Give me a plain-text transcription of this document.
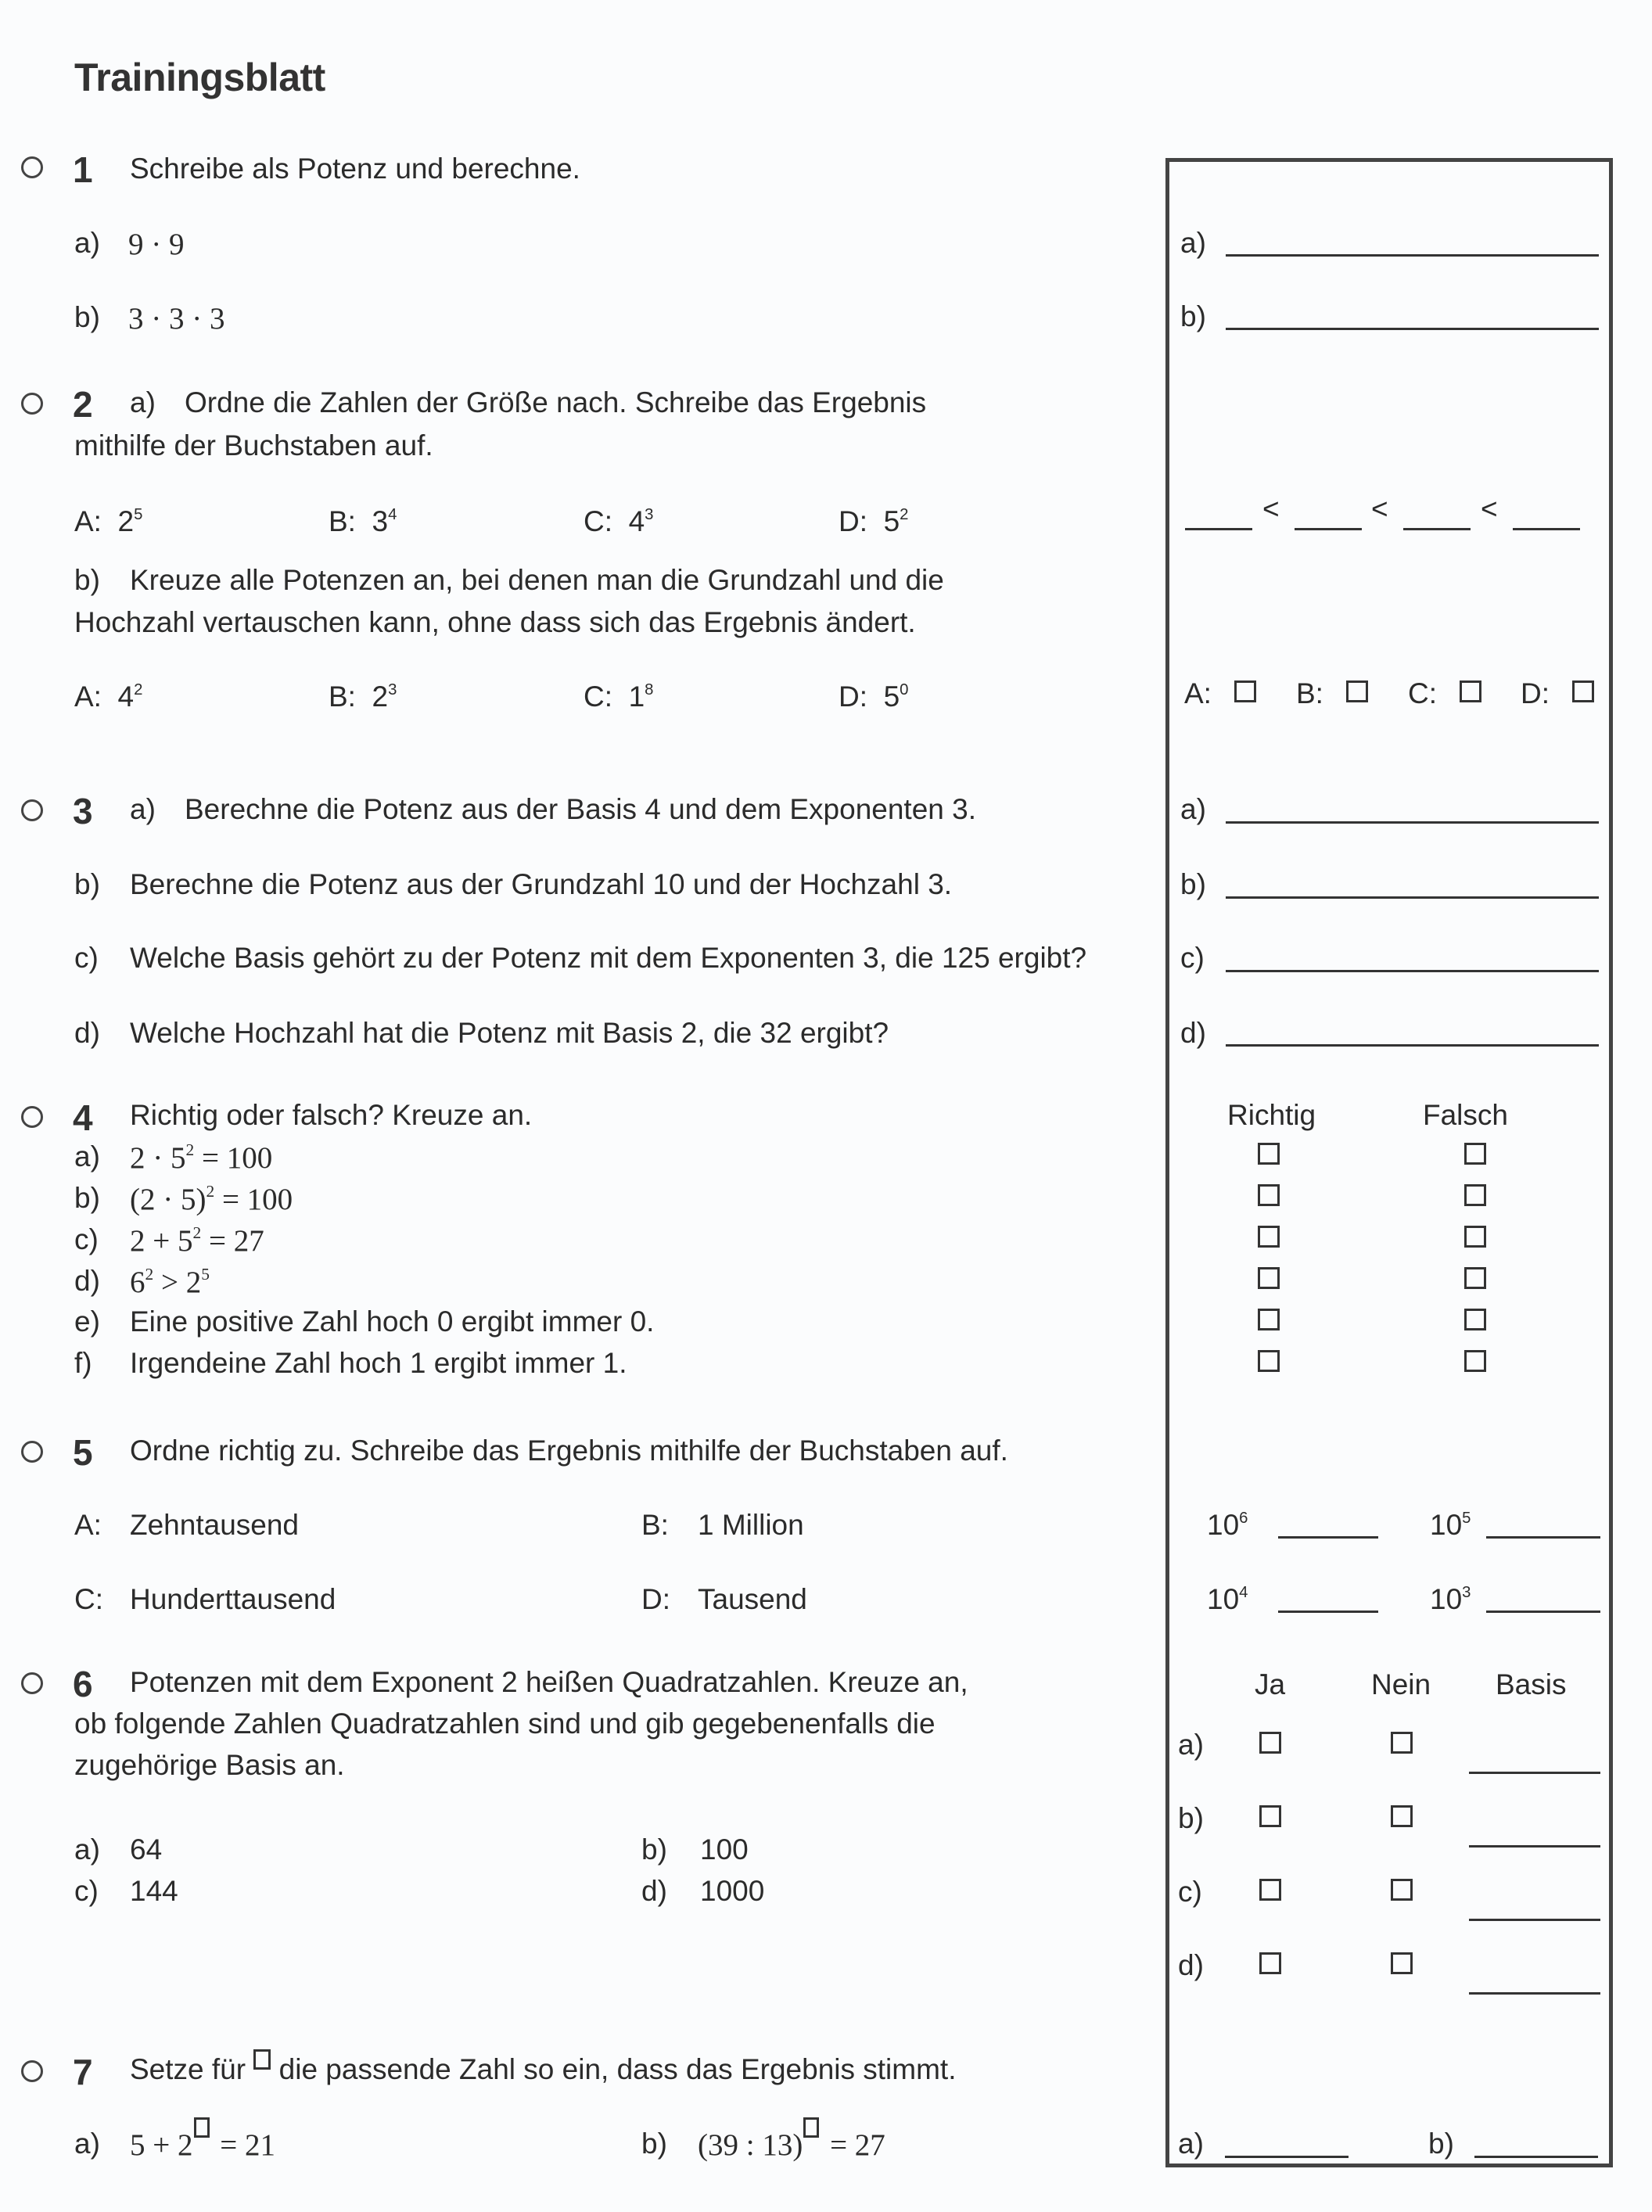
Trainingsblatt
1 Schreibe als Potenz und berechne.
a) 9 · 9
b) 3 · 3 · 3
a)
b)
2 a) Ordne die Zahlen der Größe nach. Schreibe das Ergebnis
mithilfe der Buchstaben auf.
A: $2^5$	B: $3^4$	C: $4^3$	D: $5^2$	<	<	<
b) Kreuze alle Potenzen an, bei denen man die Grundzahl und die
Hochzahl vertauschen kann, ohne dass sich das Ergebnis ändert.
A: $4^2$	B: $2^3$	C: $1^8$	D: $5^0$	A:	B:	C:	D:
3 a) Berechne die Potenz aus der Basis 4 und dem Exponenten 3.
b) Berechne die Potenz aus der Grundzahl 10 und der Hochzahl 3.
c) Welche Basis gehört zu der Potenz mit dem Exponenten 3, die 125 ergibt?
d) Welche Hochzahl hat die Potenz mit Basis 2, die 32 ergibt?
a)
b)
c)
d)
4 Richtig oder falsch? Kreuze an.
a) $2 \cdot 5^2 = 100$
b) $(2 \cdot 5)^2 = 100$
c) $2 + 5^2 = 27$
d) $6^2 > 2^5$
e) Eine positive Zahl hoch 0 ergibt immer 0.
f) Irgendeine Zahl hoch 1 ergibt immer 1.
Richtig	Falsch
5 Ordne richtig zu. Schreibe das Ergebnis mithilfe der Buchstaben auf.
A: Zehntausend	B: 1 Million
C: Hunderttausend	D: Tausend
$10^6$	$10^5$
$10^4$	$10^3$
6 Potenzen mit dem Exponent 2 heißen Quadratzahlen. Kreuze an,
ob folgende Zahlen Quadratzahlen sind und gib gegebenenfalls die
zugehörige Basis an.
a) 64	b) 100
c) 144	d) 1000
Ja	Nein Basis
a)
b)
c)
d)
7 Setze für die passende Zahl so ein, dass das Ergebnis stimmt.
a) 5 + 2 = 21	b) (39 : 13) = 27	a)	b)
